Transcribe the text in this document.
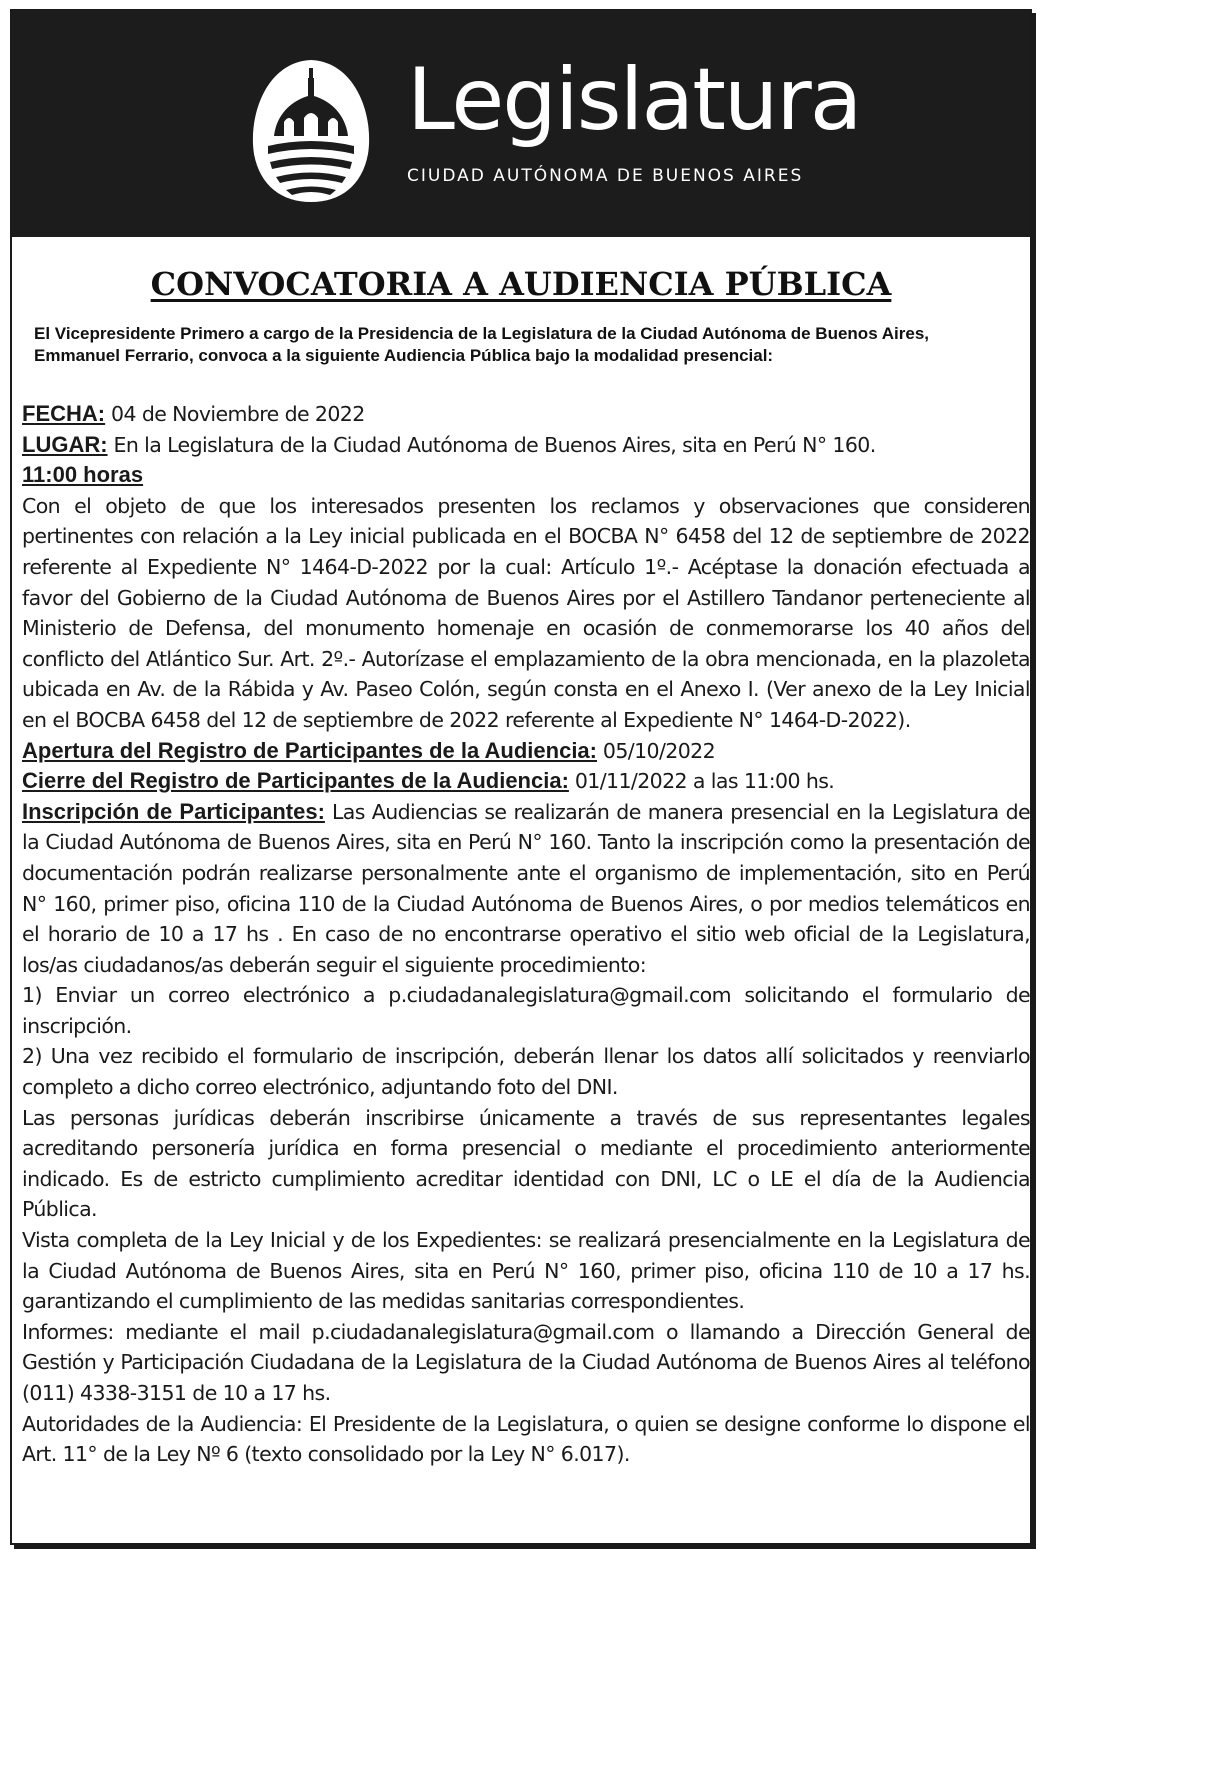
Legislatura
CIUDAD AUTÓNOMA DE BUENOS AIRES
CONVOCATORIA A AUDIENCIA PÚBLICA
El Vicepresidente Primero a cargo de la Presidencia de la Legislatura de la Ciudad Autónoma de Buenos Aires, Emmanuel Ferrario, convoca a la siguiente Audiencia Pública bajo la modalidad presencial:

FECHA: 04 de Noviembre de 2022

LUGAR: En la Legislatura de la Ciudad Autónoma de Buenos Aires, sita en Perú N° 160.

11:00 horas

Con el objeto de que los interesados presenten los reclamos y observaciones que consideren pertinentes con relación a la Ley inicial publicada en el BOCBA N° 6458 del 12 de septiembre de 2022 referente al Expediente N° 1464-D-2022 por la cual: Artículo 1º.- Acéptase la donación efectuada a favor del Gobierno de la Ciudad Autónoma de Buenos Aires por el Astillero Tandanor perteneciente al Ministerio de Defensa, del monumento homenaje en ocasión de conmemorarse los 40 años del conflicto del Atlántico Sur. Art. 2º.- Autorízase el emplazamiento de la obra mencionada, en la plazoleta ubicada en Av. de la Rábida y Av. Paseo Colón, según consta en el Anexo I. (Ver anexo de la Ley Inicial en el BOCBA 6458 del 12 de septiembre de 2022 referente al Expediente N° 1464-D-2022).

Apertura del Registro de Participantes de la Audiencia: 05/10/2022

Cierre del Registro de Participantes de la Audiencia: 01/11/2022 a las 11:00 hs.

Inscripción de Participantes: Las Audiencias se realizarán de manera presencial en la Legislatura de la Ciudad Autónoma de Buenos Aires, sita en Perú N° 160. Tanto la inscripción como la presentación de documentación podrán realizarse personalmente ante el organismo de implementación, sito en Perú N° 160, primer piso, oficina 110 de la Ciudad Autónoma de Buenos Aires, o por medios telemáticos en el horario de 10 a 17 hs . En caso de no encontrarse operativo el sitio web oficial de la Legislatura, los/as ciudadanos/as deberán seguir el siguiente procedimiento:

1) Enviar un correo electrónico a p.ciudadanalegislatura@gmail.com solicitando el formulario de inscripción.

2) Una vez recibido el formulario de inscripción, deberán llenar los datos allí solicitados y reenviarlo completo a dicho correo electrónico, adjuntando foto del DNI.

Las personas jurídicas deberán inscribirse únicamente a través de sus representantes legales acreditando personería jurídica en forma presencial o mediante el procedimiento anteriormente indicado. Es de estricto cumplimiento acreditar identidad con DNI, LC o LE el día de la Audiencia Pública.

Vista completa de la Ley Inicial y de los Expedientes: se realizará presencialmente en la Legislatura de la Ciudad Autónoma de Buenos Aires, sita en Perú N° 160, primer piso, oficina 110 de 10 a 17 hs. garantizando el cumplimiento de las medidas sanitarias correspondientes.

Informes: mediante el mail p.ciudadanalegislatura@gmail.com o llamando a Dirección General de Gestión y Participación Ciudadana de la Legislatura de la Ciudad Autónoma de Buenos Aires al teléfono (011) 4338-3151 de 10 a 17 hs.

Autoridades de la Audiencia: El Presidente de la Legislatura, o quien se designe conforme lo dispone el Art. 11° de la Ley Nº 6 (texto consolidado por la Ley N° 6.017).
